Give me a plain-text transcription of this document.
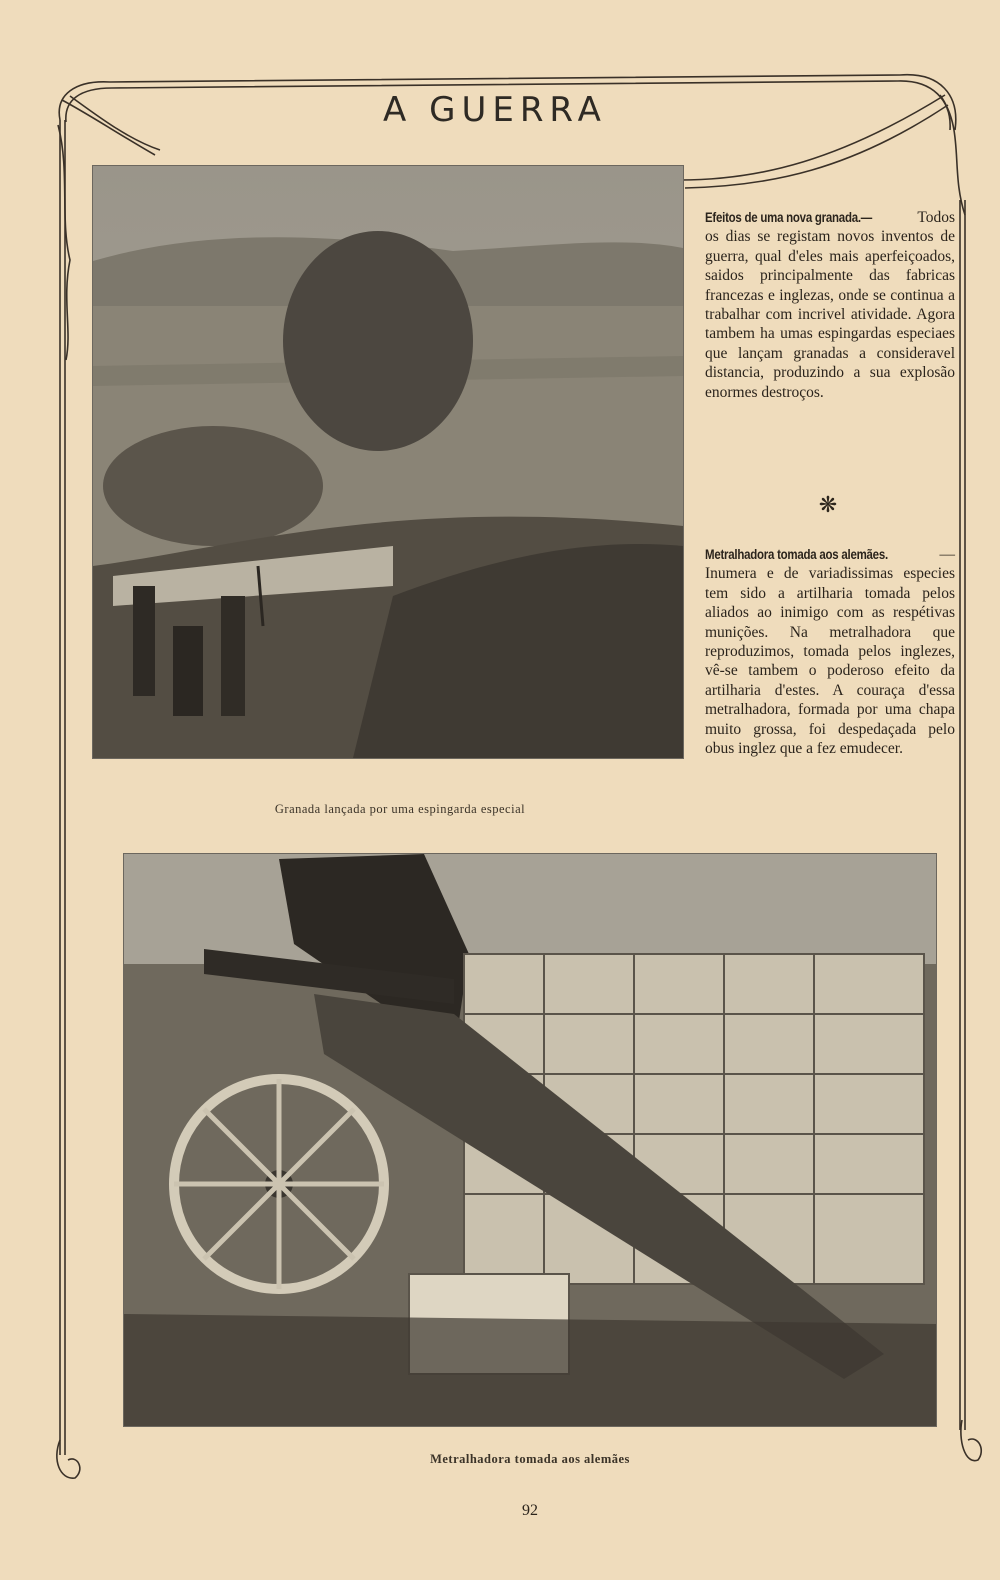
A GUERRA
Granada lançada por uma espingarda especial
Efeitos de uma nova granada.—	Todos os dias se registam novos inventos de guerra, qual d'eles mais aperfeiçoados, saidos principalmente das fabricas francezas e inglezas, onde se continua a trabalhar com incrivel atividade. Agora tambem ha umas espingardas especiaes que lançam granadas a consideravel distancia, produzindo a sua explosão enormes destroços.
❋
Metralhadora tomada aos alemães.	—Inumera e de variadissimas especies tem sido a artilharia tomada pelos aliados ao inimigo com as respétivas munições. Na metralhadora que reproduzimos, tomada pelos inglezes, vê-se tambem o poderoso efeito da artilharia d'estes. A couraça d'essa metralhadora, formada por uma chapa muito grossa, foi despedaçada pelo obus inglez que a fez emudecer.
Metralhadora tomada aos alemães
92
